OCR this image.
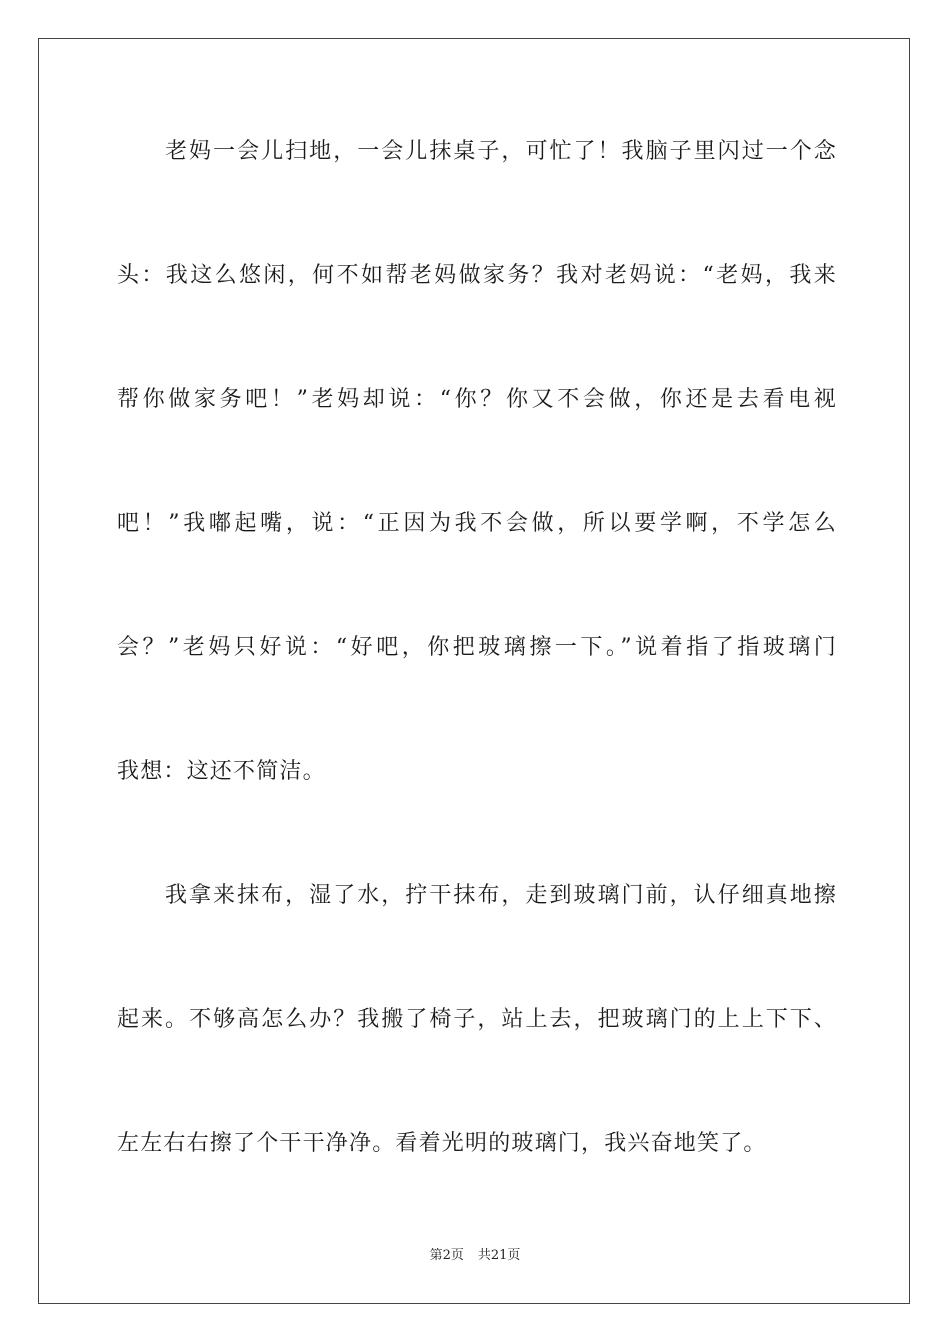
老妈一会儿扫地，一会儿抹桌子，可忙了！我脑子里闪过一个念
头：我这么悠闲，何不如帮老妈做家务？我对老妈说：“老妈，我来
帮你做家务吧！”老妈却说：“你？你又不会做，你还是去看电视
吧！”我嘟起嘴，说：“正因为我不会做，所以要学啊，不学怎么
会？”老妈只好说：“好吧，你把玻璃擦一下。”说着指了指玻璃门
我想：这还不简洁。
我拿来抹布，湿了水，拧干抹布，走到玻璃门前，认仔细真地擦
起来。不够高怎么办？我搬了椅子，站上去，把玻璃门的上上下下、
左左右右擦了个干干净净。看着光明的玻璃门，我兴奋地笑了。
第2页 共21页
